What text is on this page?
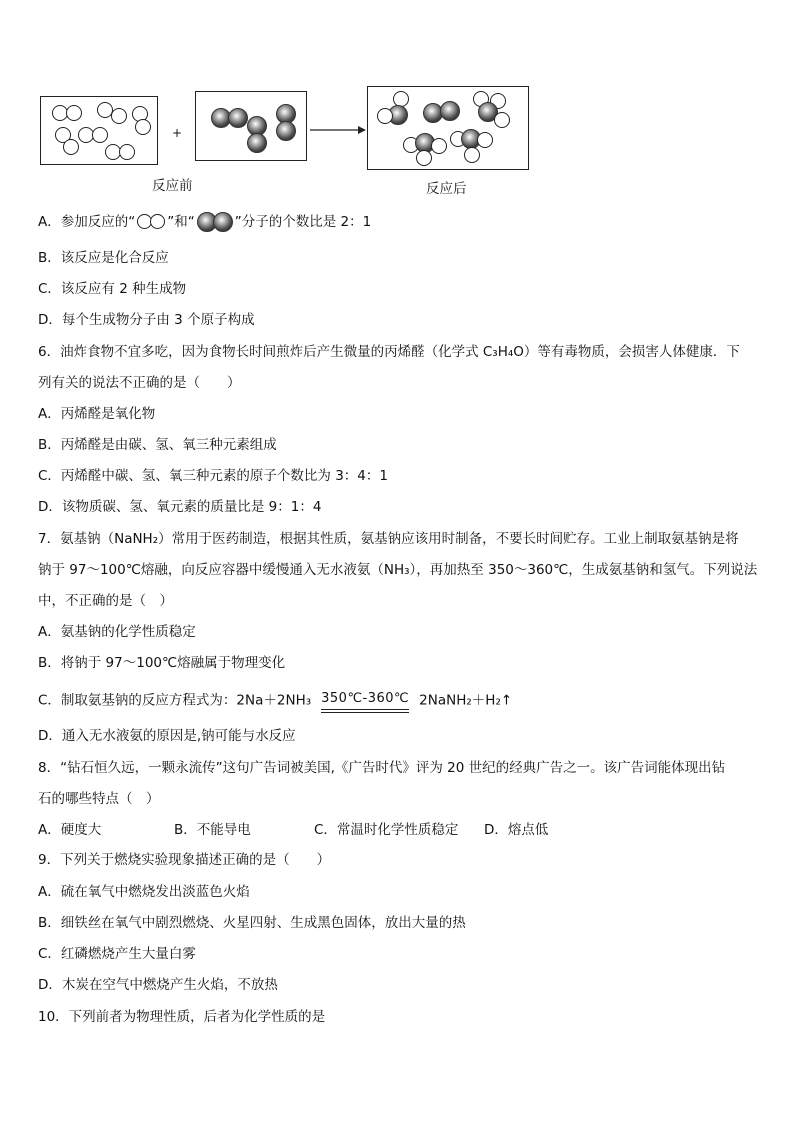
+
反应前	反应后
A．参加反应的“ ”和“	”分子的个数比是 2：1
B．该反应是化合反应
C．该反应有 2 种生成物
D．每个生成物分子由 3 个原子构成
6．油炸食物不宜多吃，因为食物长时间煎炸后产生微量的丙烯醛（化学式 C₃H₄O）等有毒物质，会损害人体健康．下
列有关的说法不正确的是（　　）
A．丙烯醛是氧化物
B．丙烯醛是由碳、氢、氧三种元素组成
C．丙烯醛中碳、氢、氧三种元素的原子个数比为 3：4：1
D．该物质碳、氢、氧元素的质量比是 9：1：4
7．氨基钠（NaNH₂）常用于医药制造，根据其性质，氨基钠应该用时制备，不要长时间贮存。工业上制取氨基钠是将
钠于 97～100℃熔融，向反应容器中缓慢通入无水液氨（NH₃），再加热至 350～360℃，生成氨基钠和氢气。下列说法
中，不正确的是（　）
A．氨基钠的化学性质稳定
B．将钠于 97～100℃熔融属于物理变化
C．制取氨基钠的反应方程式为：2Na＋2NH₃ 350℃-360℃ 2NaNH₂＋H₂↑
D．通入无水液氨的原因是,钠可能与水反应
8．“钻石恒久远，一颗永流传”这句广告词被美国,《广告时代》评为 20 世纪的经典广告之一。该广告词能体现出钻
石的哪些特点（　）
A．硬度大	B．不能导电	C．常温时化学性质稳定 D．熔点低
9．下列关于燃烧实验现象描述正确的是（　　）
A．硫在氧气中燃烧发出淡蓝色火焰
B．细铁丝在氧气中剧烈燃烧、火星四射、生成黑色固体，放出大量的热
C．红磷燃烧产生大量白雾
D．木炭在空气中燃烧产生火焰，不放热
10．下列前者为物理性质，后者为化学性质的是
